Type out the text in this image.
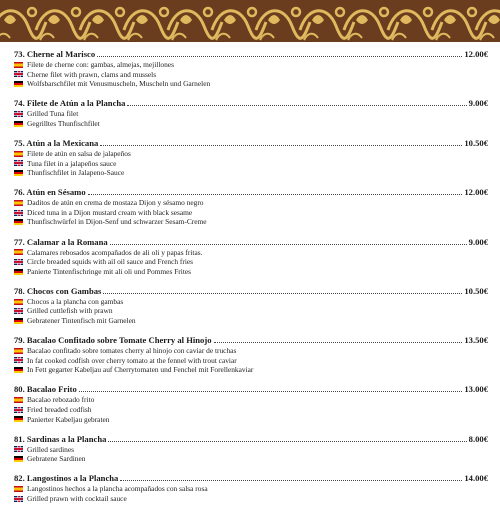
73. Cherne al Marisco	12.00€
Filete de cherne con: gambas, almejas, mejillones
Cherne filet with prawn, clams and mussels
Wolfsbarschfilet mit Venusmuscheln, Muscheln und Garnelen
74. Filete de Atún a la Plancha	9.00€
Grilled Tuna filet
Gegrilltes Thunfischfilet
75. Atún a la Mexicana	10.50€
Filete de atún en salsa de jalapeños
Tuna filet in a jalapeños sauce
Thunfischfilet in Jalapeno-Sauce
76. Atún en Sésamo	12.00€
Daditos de atún en crema de mostaza Dijon y sésamo negro
Diced tuna in a Dijon mustard cream with black sesame
Thunfischwürfel in Dijon-Senf und schwarzer Sesam-Creme
77. Calamar a la Romana	9.00€
Calamares rebosados acompañados de ali oli y papas fritas.
Circle breaded squids with ail oil sauce and French fries
Panierte Tintenfischringe mit ali oli und Pommes Frites
78. Chocos con Gambas	10.50€
Chocos a la plancha con gambas
Grilled cuttlefish with prawn
Gebratener Tintenfisch mit Garnelen
79. Bacalao Confitado sobre Tomate Cherry al Hinojo	13.50€
Bacalao confitado sobre tomates cherry al hinojo con caviar de truchas
In fat cooked codfish over cherry tomato at the fennel with trout caviar
In Fett gegarter Kabeljau auf Cherrytomaten und Fenchel mit Forellenkaviar
80. Bacalao Frito	13.00€
Bacalao rebozado frito
Fried breaded codfish
Panierter Kabeljau gebraten
81. Sardinas a la Plancha	8.00€
Grilled sardines
Gebratene Sardinen
82. Langostinos a la Plancha	14.00€
Langostinos hechos a la plancha acompañados con salsa rosa
Grilled prawn with cocktail sauce
